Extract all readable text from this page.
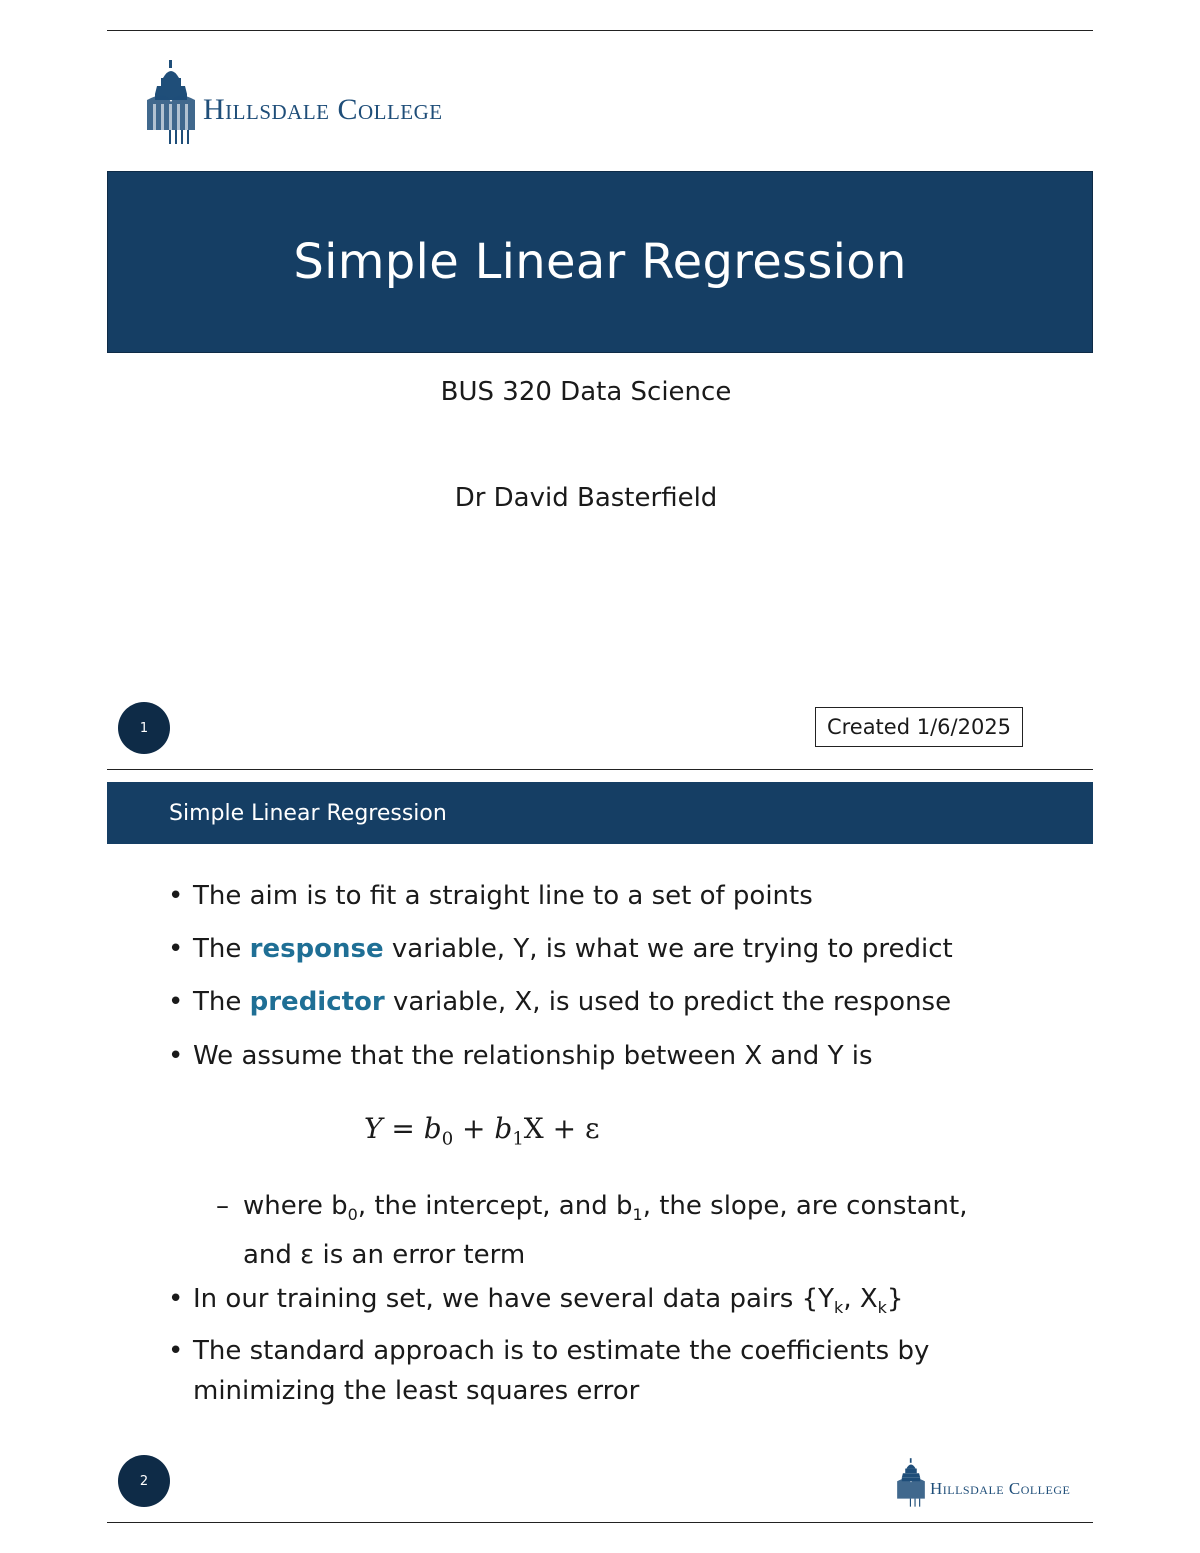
Hillsdale College
Simple Linear Regression
BUS 320 Data Science
Dr David Basterfield
1	Created 1/6/2025
Simple Linear Regression
• The aim is to fit a straight line to a set of points
• The response variable, Y, is what we are trying to predict
• The predictor variable, X, is used to predict the response
• We assume that the relationship between X and Y is
$Y = b_0 + b_1X + \varepsilon$
– where $b_0$, the intercept, and $b_1$, the slope, are constant,
and ε is an error term
• In our training set, we have several data pairs {$Y_k$, $X_k$}
• The standard approach is to estimate the coefficients by
minimizing the least squares error
2	Hillsdale College
